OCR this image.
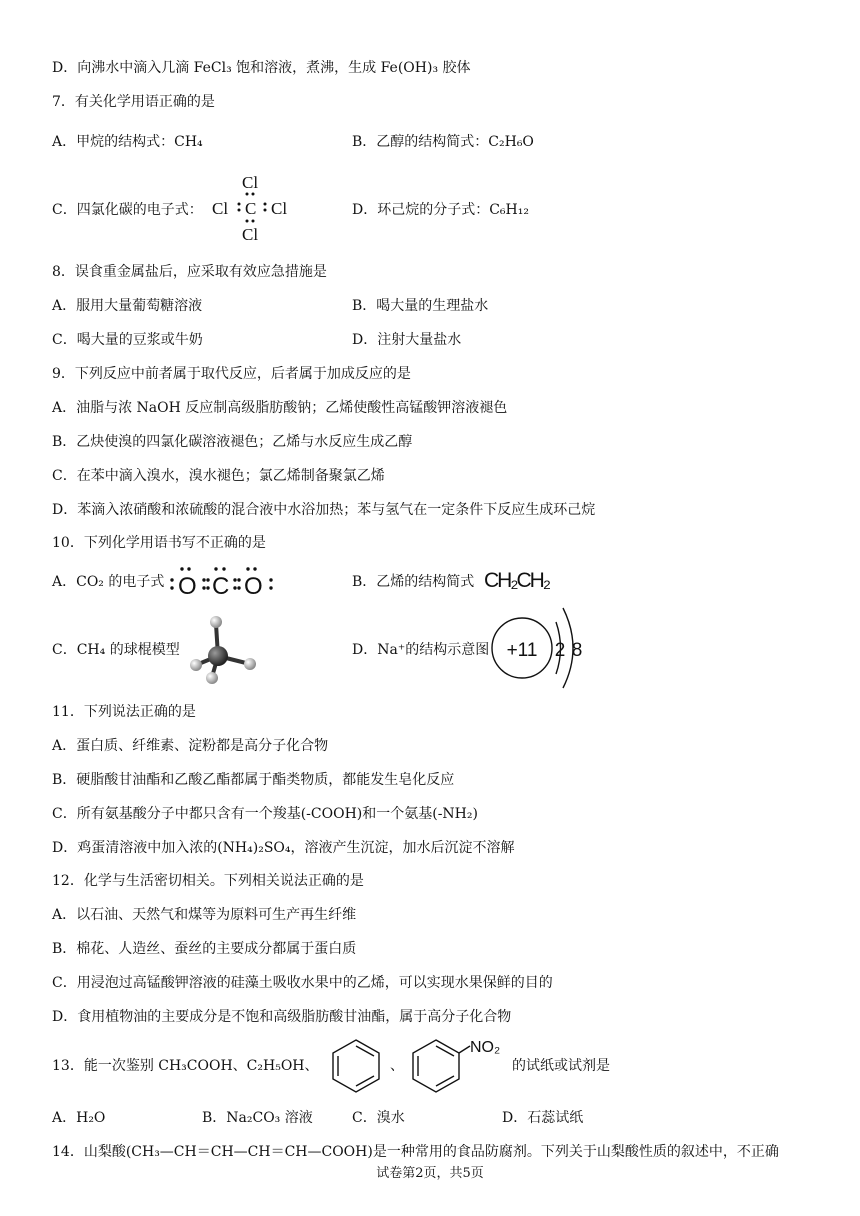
D．向沸水中滴入几滴 FeCl₃ 饱和溶液，煮沸，生成 Fe(OH)₃ 胶体
7．有关化学用语正确的是
A．甲烷的结构式：CH₄	B．乙醇的结构简式：C₂H₆O
C．四氯化碳的电子式：
Cl
Cl C Cl
Cl
D．环己烷的分子式：C₆H₁₂
8．误食重金属盐后，应采取有效应急措施是
A．服用大量葡萄糖溶液	B．喝大量的生理盐水
C．喝大量的豆浆或牛奶	D．注射大量盐水
9．下列反应中前者属于取代反应，后者属于加成反应的是
A．油脂与浓 NaOH 反应制高级脂肪酸钠；乙烯使酸性高锰酸钾溶液褪色
B．乙炔使溴的四氯化碳溶液褪色；乙烯与水反应生成乙醇
C．在苯中滴入溴水，溴水褪色；氯乙烯制备聚氯乙烯
D．苯滴入浓硝酸和浓硫酸的混合液中水浴加热；苯与氢气在一定条件下反应生成环己烷
10．下列化学用语书写不正确的是
A．CO₂ 的电子式 O C O	B．乙烯的结构简式 CH₂CH₂
C．CH₄ 的球棍模型	D．Na⁺的结构示意图 +11 2 8
11．下列说法正确的是
A．蛋白质、纤维素、淀粉都是高分子化合物
B．硬脂酸甘油酯和乙酸乙酯都属于酯类物质，都能发生皂化反应
C．所有氨基酸分子中都只含有一个羧基(-COOH)和一个氨基(-NH₂)
D．鸡蛋清溶液中加入浓的(NH₄)₂SO₄，溶液产生沉淀，加水后沉淀不溶解
12．化学与生活密切相关。下列相关说法正确的是
A．以石油、天然气和煤等为原料可生产再生纤维
B．棉花、人造丝、蚕丝的主要成分都属于蛋白质
C．用浸泡过高锰酸钾溶液的硅藻土吸收水果中的乙烯，可以实现水果保鲜的目的
D．食用植物油的主要成分是不饱和高级脂肪酸甘油酯，属于高分子化合物
13．能一次鉴别 CH₃COOH、C₂H₅OH、	、
NO₂
的试纸或试剂是
A．H₂O	B．Na₂CO₃ 溶液	C．溴水	D．石蕊试纸
14．山梨酸(CH₃—CH＝CH—CH＝CH—COOH)是一种常用的食品防腐剂。下列关于山梨酸性质的叙述中，不正确
试卷第2页，共5页
